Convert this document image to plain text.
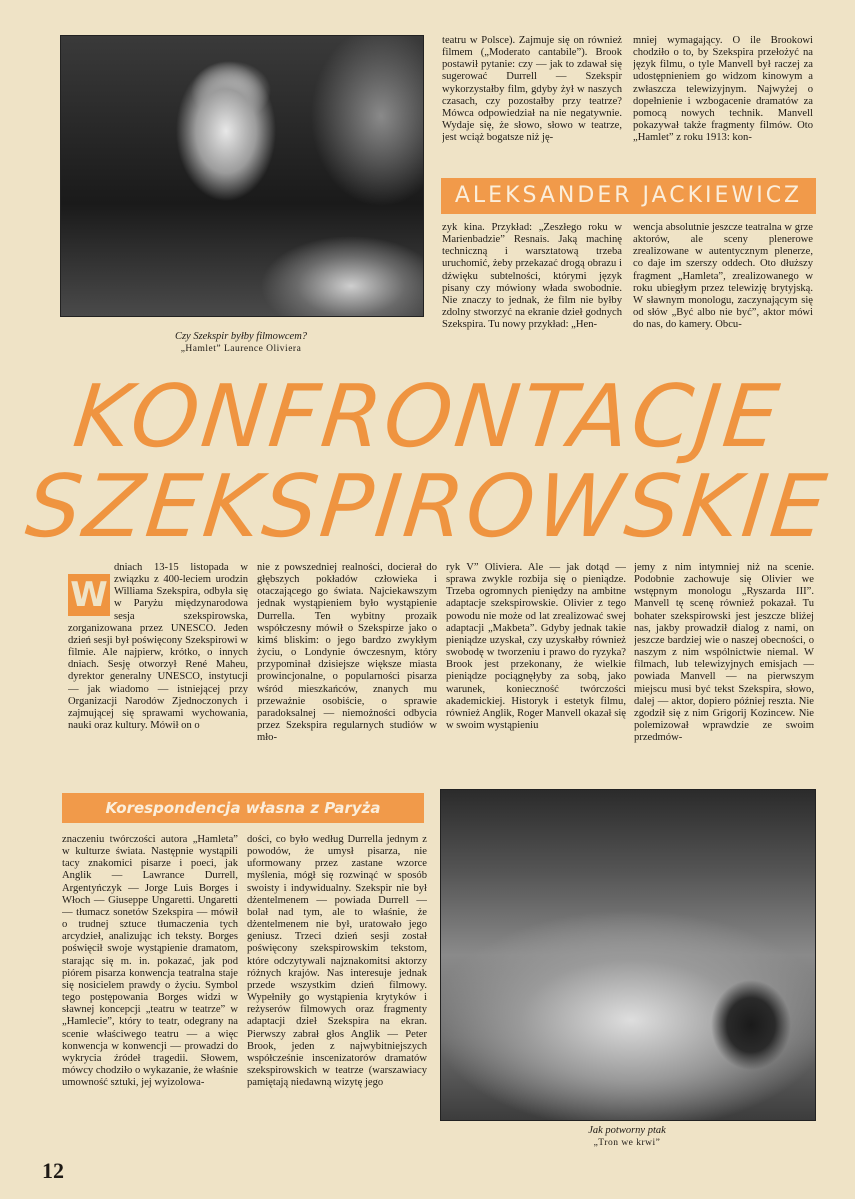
Czy Szekspir byłby filmowcem?
„Hamlet” Laurence Oliviera

teatru w Polsce). Zajmuje się on również filmem („Moderato cantabile”). Brook postawił pytanie: czy — jak to zdawał się sugerować Durrell — Szekspir wykorzystałby film, gdyby żył w naszych czasach, czy pozostałby przy teatrze? Mówca odpowiedział na nie negatywnie. Wydaje się, że słowo, słowo w teatrze, jest wciąż bogatsze niż ję-

mniej wymagający. O ile Brookowi chodziło o to, by Szekspira przełożyć na język filmu, o tyle Manvell był raczej za udostępnieniem go widzom kinowym a zwłaszcza telewizyjnym. Najwyżej o dopełnienie i wzbogacenie dramatów za pomocą nowych technik. Manvell pokazywał także fragmenty filmów. Oto „Hamlet” z roku 1913: kon-

ALEKSANDER JACKIEWICZ

zyk kina. Przykład: „Zeszłego roku w Marienbadzie” Resnais. Jaką machinę techniczną i warsztatową trzeba uruchomić, żeby przekazać drogą obrazu i dźwięku subtelności, którymi język pisany czy mówiony włada swobodnie. Nie znaczy to jednak, że film nie byłby zdolny stworzyć na ekranie dzieł godnych Szekspira. Tu nowy przykład: „Hen-

wencja absolutnie jeszcze teatralna w grze aktorów, ale sceny plenerowe zrealizowane w autentycznym plenerze, co daje im szerszy oddech. Oto dłuższy fragment „Hamleta”, zrealizowanego w roku ubiegłym przez telewizję brytyjską. W sławnym monologu, zaczynającym się od słów „Być albo nie być”, aktor mówi do nas, do kamery. Obcu-

KONFRONTACJE
SZEKSPIROWSKIE
W

dniach 13-15 listopada w związku z 400-leciem urodzin Williama Szekspira, odbyła się w Paryżu międzynarodowa sesja szekspirowska, zorganizowana przez UNESCO. Jeden dzień sesji był poświęcony Szekspirowi w filmie. Ale najpierw, krótko, o innych dniach. Sesję otworzył René Maheu, dyrektor generalny UNESCO, instytucji — jak wiadomo — istniejącej przy Organizacji Narodów Zjednoczonych i zajmującej się sprawami wychowania, nauki oraz kultury. Mówił on o

nie z powszedniej realności, docierał do głębszych pokładów człowieka i otaczającego go świata. Najciekawszym jednak wystąpieniem było wystąpienie Durrella. Ten wybitny prozaik współczesny mówił o Szekspirze jako o kimś bliskim: o jego bardzo zwykłym życiu, o Londynie ówczesnym, który przypominał dzisiejsze większe miasta prowincjonalne, o popularności pisarza wśród mieszkańców, znanych mu przeważnie osobiście, o sprawie paradoksalnej — niemożności odbycia przez Szekspira regularnych studiów w mło-

ryk V” Oliviera. Ale — jak dotąd — sprawa zwykle rozbija się o pieniądze. Trzeba ogromnych pieniędzy na ambitne adaptacje szekspirowskie. Olivier z tego powodu nie może od lat zrealizować swej adaptacji „Makbeta”. Gdyby jednak takie pieniądze uzyskał, czy uzyskałby również swobodę w tworzeniu i prawo do ryzyka? Brook jest przekonany, że wielkie pieniądze pociągnęłyby za sobą, jako warunek, konieczność twórczości akademickiej. Historyk i estetyk filmu, również Anglik, Roger Manvell okazał się w swoim wystąpieniu

jemy z nim intymniej niż na scenie. Podobnie zachowuje się Olivier we wstępnym monologu „Ryszarda III”. Manvell tę scenę również pokazał. Tu bohater szekspirowski jest jeszcze bliżej nas, jakby prowadził dialog z nami, on jeszcze bardziej wie o naszej obecności, o naszym z nim wspólnictwie niemal. W filmach, lub telewizyjnych emisjach — powiada Manvell — na pierwszym miejscu musi być tekst Szekspira, słowo, dalej — aktor, dopiero później reszta. Nie zgodził się z nim Grigorij Kozincew. Nie polemizował wprawdzie ze swoim przedmów-

Korespondencja własna z Paryża

znaczeniu twórczości autora „Hamleta” w kulturze świata. Następnie wystąpili tacy znakomici pisarze i poeci, jak Anglik — Lawrance Durrell, Argentyńczyk — Jorge Luis Borges i Włoch — Giuseppe Ungaretti. Ungaretti — tłumacz sonetów Szekspira — mówił o trudnej sztuce tłumaczenia tych arcydzieł, analizując ich teksty. Borges poświęcił swoje wystąpienie dramatom, starając się m. in. pokazać, jak pod piórem pisarza konwencja teatralna staje się nosicielem prawdy o życiu. Symbol tego postępowania Borges widzi w sławnej koncepcji „teatru w teatrze” w „Hamlecie”, który to teatr, odegrany na scenie właściwego teatru — a więc konwencja w konwencji — prowadzi do wykrycia źródeł tragedii. Słowem, mówcy chodziło o wykazanie, że właśnie umowność sztuki, jej wyizolowa-

dości, co było według Durrella jednym z powodów, że umysł pisarza, nie uformowany przez zastane wzorce myślenia, mógł się rozwinąć w sposób swoisty i indywidualny. Szekspir nie był dżentelmenem — powiada Durrell — bolał nad tym, ale to właśnie, że dżentelmenem nie był, uratowało jego geniusz. Trzeci dzień sesji został poświęcony szekspirowskim tekstom, które odczytywali najznakomitsi aktorzy różnych krajów. Nas interesuje jednak przede wszystkim dzień filmowy. Wypełniły go wystąpienia krytyków i reżyserów filmowych oraz fragmenty adaptacji dzieł Szekspira na ekran. Pierwszy zabrał głos Anglik — Peter Brook, jeden z najwybitniejszych współcześnie inscenizatorów dramatów szekspirowskich w teatrze (warszawiacy pamiętają niedawną wizytę jego

Jak potworny ptak
„Tron we krwi”
12
